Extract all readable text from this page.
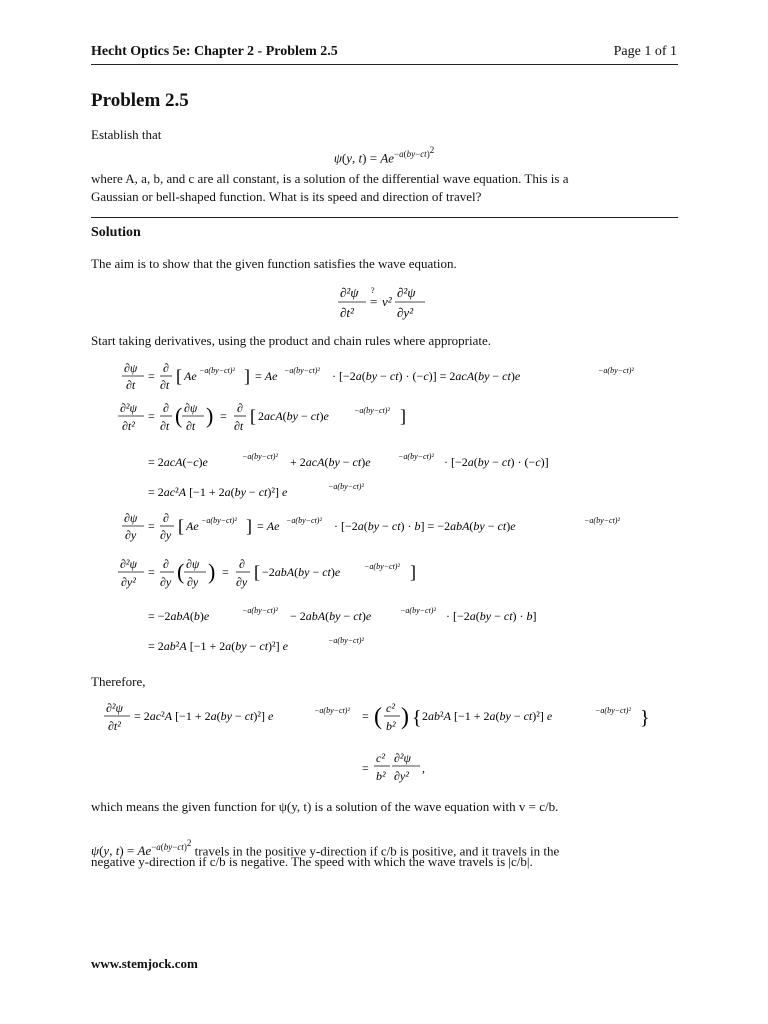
Hecht Optics 5e: Chapter 2 - Problem 2.5	Page 1 of 1
Problem 2.5
Establish that
ψ(y, $t) = Ae^{-a(by-ct)^2}$
where A, a, b, and c are all constant, is a solution of the differential wave equation. This is a
Gaussian or bell-shaped function. What is its speed and direction of travel?
Solution
The aim is to show that the given function satisfies the wave equation.
∂²ψ
∂t²
?
= v²
∂²ψ
∂y²
Start taking derivatives, using the product and chain rules where appropriate.
∂ψ
∂t
=
∂
∂t [ Ae −a(by−ct)² ] = Ae −a(by−ct)² · [−2a(by − ct) · (−c)] = 2acA(by − ct)e	−a(by−ct)²
∂²ψ
∂t²
=
∂
∂t ( ∂ψ
∂t ) =
∂
∂t [ 2acA(by − ct)e	−a(by−ct)² ]
= 2acA(−c)e	−a(by−ct)² + 2acA(by − ct)e	−a(by−ct)² · [−2a(by − ct) · (−c)]
= 2ac²A [−1 + 2a(by − ct)²] e	−a(by−ct)²
∂ψ
∂y
=
∂
∂y [ Ae −a(by−ct)² ] = Ae −a(by−ct)² · [−2a(by − ct) · b] = −2abA(by − ct)e	−a(by−ct)²
∂²ψ
∂y²
=
∂
∂y ( ∂ψ
∂y ) =
∂
∂y [ −2abA(by − ct)e	−a(by−ct)² ]
= −2abA(b)e	−a(by−ct)² − 2abA(by − ct)e	−a(by−ct)² · [−2a(by − ct) · b]
= 2ab²A [−1 + 2a(by − ct)²] e	−a(by−ct)²
Therefore,
∂²ψ
∂t²
= 2ac²A [−1 + 2a(by − ct)²] e	−a(by−ct)² = ( c²
b² ) { 2ab²A [−1 + 2a(by − ct)²] e	−a(by−ct)² }
=
c²
b²
∂²ψ
∂y²
,
which means the given function for ψ(y, t) is a solution of the wave equation with v = c/b.
ψ(y, $t) = Ae^{-a(by-ct)^2}$ travels in the positive y-direction if c/b is positive, and it travels in the
negative y-direction if c/b is negative. The speed with which the wave travels is |c/b|.
www.stemjock.com
